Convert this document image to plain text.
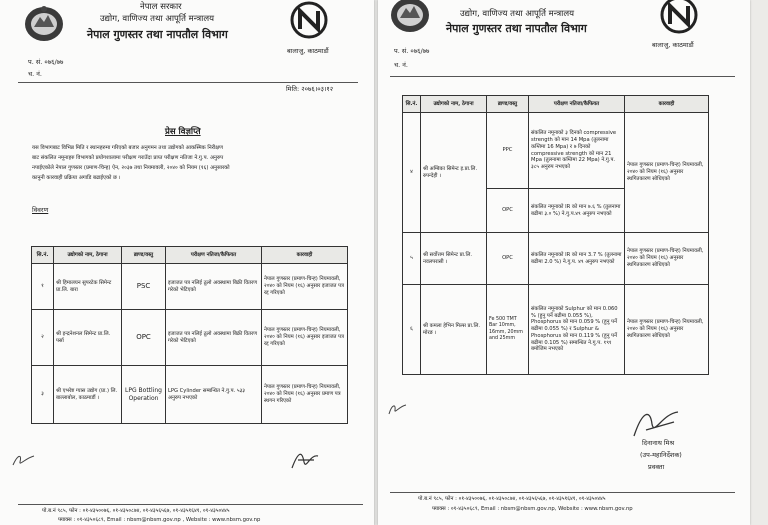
नेपाल सरकार
उद्योग, वाणिज्य तथा आपूर्ति मन्त्रालय
नेपाल गुणस्तर तथा नापतौल विभाग
बालाजु, काठमाडौं
प. सं. ०७६/७७
च. नं.
मिति: २०७६।०३।१२
प्रेस विज्ञप्ति
यस विभागबाट विभिन्न मिति र स्थानहरुमा गरिएको बजार अनुगमन तथा उद्योगको आकस्मिक निरीक्षण
बाट संकलित नमूनाहरु विभागको प्रयोगशालामा परीक्षण गराउँदा प्राप्त परीक्षण नतिजा ने.गु.प. अनुरुप
नपाईएकोले नेपाल गुणस्तर (प्रमाण-चिन्ह) ऐन, २०३७ तथा नियमावली, २०४० को नियम (१६) अनुसारको
कानुनी कारवाही प्रक्रिया अगाडि बढाईएको छ ।
विवरण
सि.नं.	उद्योगको नाम, ठेगाना	ब्राण्ड/वस्तु	परीक्षण नतिजा/कैफियत	कारवाही
१	श्री हिमालयन सुपरटेक सिमेन्ट प्रा.लि. बारा	PSC	इजाजत पत्र नलिई ठूलो अवस्थामा बिक्री वितरण गरेको भेटिएको	नेपाल गुणस्तर (प्रमाण-चिन्ह) नियमावली, २०४० को नियम (१६) अनुसार इजाजत पत्र रद्द गरिएको
२	श्री इन्द्रनेशनल सिमेन्ट प्रा.लि. पर्सा	OPC	इजाजत पत्र नलिई ठूलो अवस्थामा बिक्री वितरण गरेको भेटिएको	नेपाल गुणस्तर (प्रमाण-चिन्ह) नियमावली, २०४० को नियम (१६) अनुसार इजाजत पत्र रद्द गरिएको
३	श्री एभरेष्ट ग्यास उद्योग (प्रा.) लि. बाल्लाबोल, काठमाडौं ।	LPG Bottling Operation	LPG Cylinder सम्बन्धित ने.गु.प. ५३३ अनुरुप नभएको	नेपाल गुणस्तर (प्रमाण-चिन्ह) नियमावली, २०४० को नियम (१६) अनुसार प्रमाण पत्र स्थगन गरिएको
पो.ब.नं ९८५, फोन : ०१-४३५००७६, ०१-४३५०८७४, ०१-४३५६५६७, ०१-४३५१६४१, ०१-४३५०४४५
फ्याक्स : ०१-४३५०६८९, Email : nbsm@nbsm.gov.np , Website : www.nbsm.gov.np
उद्योग, वाणिज्य तथा आपूर्ति मन्त्रालय
नेपाल गुणस्तर तथा नापतौल विभाग
बालाजु, काठमाडौं
प. सं. ०७६/७७
च. नं.
सि.नं.	उद्योगको नाम, ठेगाना	ब्राण्ड/वस्तु	परीक्षण नतिजा/कैफियत	कारवाही
४	श्री अम्बिका सिमेन्ट इ.प्रा.लि. रुपन्देही ।	PPC	संकलित नमूनाको ३ दिनको compressive strength को मान 14 Mpa (तुलनामा कम्तिमा 16 Mpa) र ७ दिनको compressive strength को मान 21 Mpa (तुलनामा कम्तिमा 22 Mpa) ने.गु.प. ३८५ अनुरुप नभएको	नेपाल गुणस्तर (प्रमाण-चिन्ह) नियमावली, २०४० को नियम (१६) अनुसार स्थगितकारण सोधिएको
		OPC	संकलित नमूनाको IR को मान ७.६ % (तुलनामा बढीमा ३.० %) ने.गु.प.४९ अनुरुप नभएको	
५	श्री सर्वोत्तम सिमेन्ट प्रा.लि. नवलपरासी ।	OPC	संकलित नमूनाको IR को मान 3.7 % (तुलनामा बढीमा 2.0 %) ने.गु.प. ४९ अनुरुप नभएको	नेपाल गुणस्तर (प्रमाण-चिन्ह) नियमावली, २०४० को नियम (१६) अनुसार स्थगितकारण सोधिएको
६	श्री कमला हेभिन मिल्स प्रा.लि. मोरङ ।	Fe 500 TMT Bar 10mm, 16mm, 20mm and 25mm	संकलित नमूनाको Sulphur को मान 0.060 % (हुनु पर्ने बढीमा 0.055 %), Phosphorus को मान 0.059 % (हुनु पर्ने बढीमा 0.055 %) र Sulphur & Phosphorus को मान 0.119 % (हुनु पर्ने बढीमा 0.105 %) सम्बन्धित ने.गु.प. १९१ बमोजिम नभएको	नेपाल गुणस्तर (प्रमाण-चिन्ह) नियमावली, २०४० को नियम (१६) अनुसार स्थगितकारण सोधिएको
दिनानाथ मिश्र
(उप-महानिर्देशक)
प्रवक्ता
पो.ब.नं ९८५, फोन : ०१-४३५००७६, ०१-४३५०८७४, ०१-४३५६५६७, ०१-४३५१६४१, ०१-४३५०४४५
फ्याक्स : ०१-४३५०६८९, Email : nbsm@nbsm.gov.np, Website : www.nbsm.gov.np
